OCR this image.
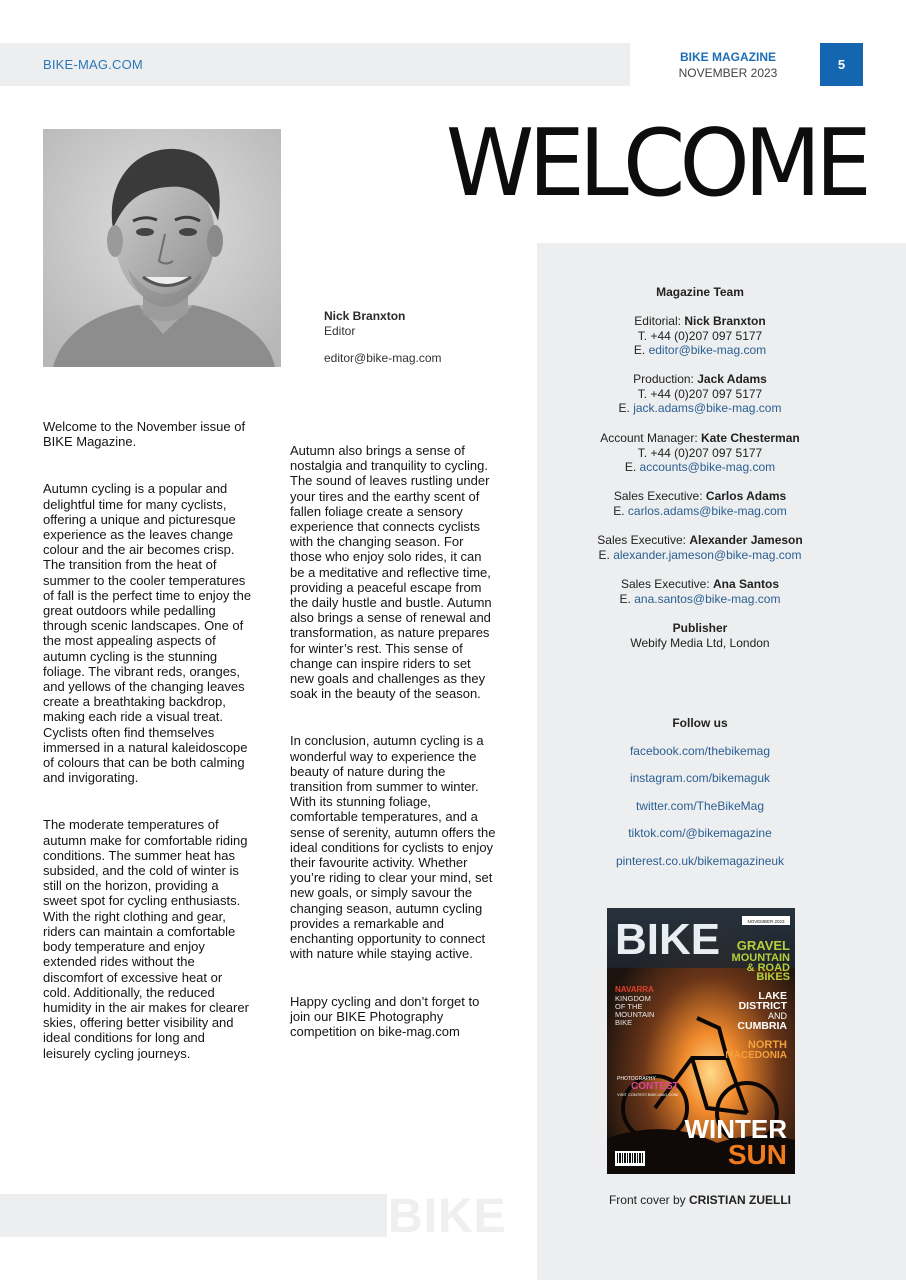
BIKE-MAG.COM	BIKE MAGAZINE
NOVEMBER 2023
5
WELCOME
Nick Branxton
Editor
editor@bike-mag.com

Welcome to the November issue of BIKE Magazine.

Autumn cycling is a popular and delightful time for many cyclists, offering a unique and picturesque experience as the leaves change colour and the air becomes crisp. The transition from the heat of summer to the cooler temperatures of fall is the perfect time to enjoy the great outdoors while pedalling through scenic landscapes. One of the most appealing aspects of autumn cycling is the stunning foliage. The vibrant reds, oranges, and yellows of the changing leaves create a breathtaking backdrop, making each ride a visual treat. Cyclists often find themselves immersed in a natural kaleidoscope of colours that can be both calming and invigorating.

The moderate temperatures of autumn make for comfortable riding conditions. The summer heat has subsided, and the cold of winter is still on the horizon, providing a sweet spot for cycling enthusiasts. With the right clothing and gear, riders can maintain a comfortable body temperature and enjoy extended rides without the discomfort of excessive heat or cold. Additionally, the reduced humidity in the air makes for clearer skies, offering better visibility and ideal conditions for long and leisurely cycling journeys.

Autumn also brings a sense of nostalgia and tranquility to cycling. The sound of leaves rustling under your tires and the earthy scent of fallen foliage create a sensory experience that connects cyclists with the changing season. For those who enjoy solo rides, it can be a meditative and reflective time, providing a peaceful escape from the daily hustle and bustle. Autumn also brings a sense of renewal and transformation, as nature prepares for winter’s rest. This sense of change can inspire riders to set new goals and challenges as they soak in the beauty of the season.

In conclusion, autumn cycling is a wonderful way to experience the beauty of nature during the transition from summer to winter. With its stunning foliage, comfortable temperatures, and a sense of serenity, autumn offers the ideal conditions for cyclists to enjoy their favourite activity. Whether you’re riding to clear your mind, set new goals, or simply savour the changing season, autumn cycling provides a remarkable and enchanting opportunity to connect with nature while staying active.

Happy cycling and don’t forget to join our BIKE Photography competition on bike-mag.com

Magazine Team
Editorial: Nick Branxton
T. +44 (0)207 097 5177
E. editor@bike-mag.com
Production: Jack Adams
T. +44 (0)207 097 5177
E. jack.adams@bike-mag.com
Account Manager: Kate Chesterman
T. +44 (0)207 097 5177
E. accounts@bike-mag.com
Sales Executive: Carlos Adams
E. carlos.adams@bike-mag.com
Sales Executive: Alexander Jameson
E. alexander.jameson@bike-mag.com
Sales Executive: Ana Santos
E. ana.santos@bike-mag.com
Publisher
Webify Media Ltd, London
Follow us
facebook.com/thebikemag
instagram.com/bikemaguk
twitter.com/TheBikeMag
tiktok.com/@bikemagazine
pinterest.co.uk/bikemagazineuk
BIKE	NOVEMBER 2023
GRAVEL
MOUNTAIN
& ROAD
BIKES
NAVARRA
KINGDOM
OF THE
MOUNTAIN
BIKE
LAKE
DISTRICT
AND
CUMBRIA
NORTH
MACEDONIA
PHOTOGRAPHY
CONTEST
VISIT CONTEST.BIKE-MAG.COM
WINTER
SUN
Front cover by CRISTIAN ZUELLI
BIKE
